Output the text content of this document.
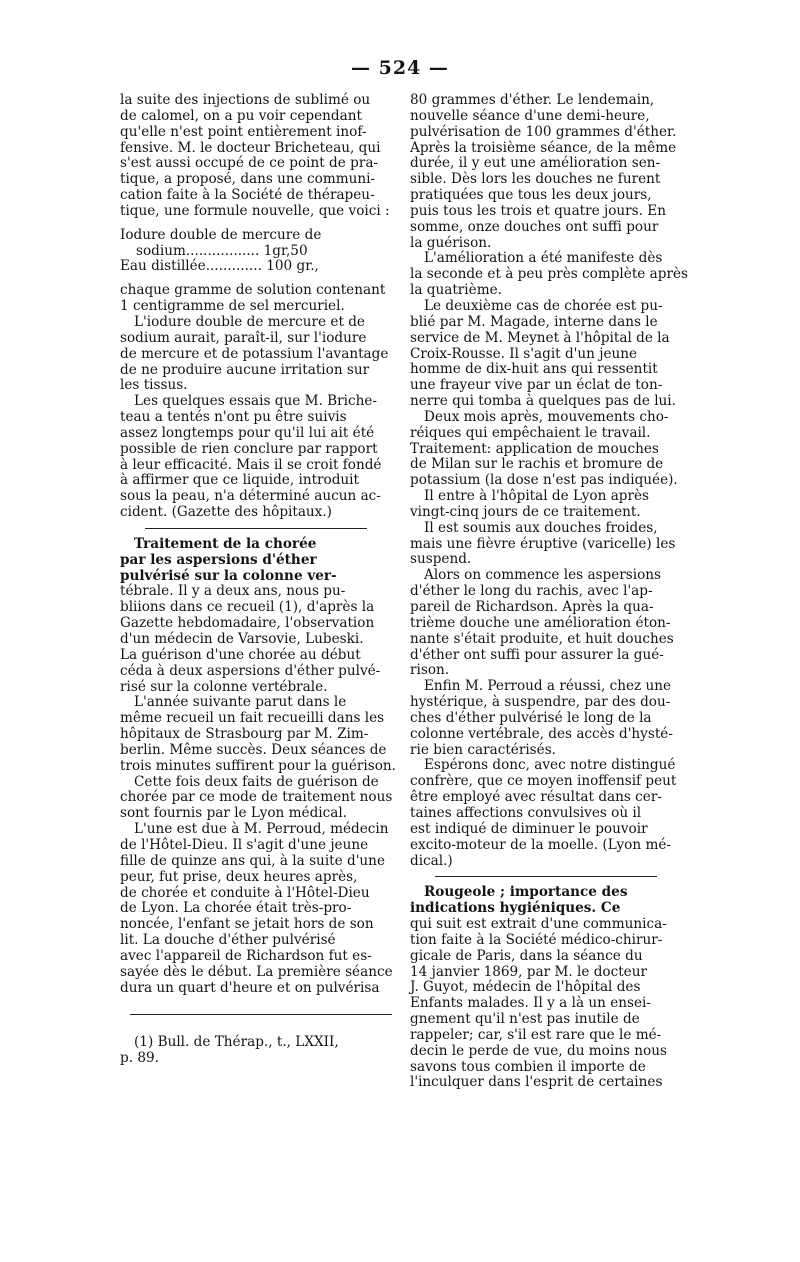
— 524 —
la suite des injections de sublimé ou
de calomel, on a pu voir cependant
qu'elle n'est point entièrement inof-
fensive. M. le docteur Bricheteau, qui
s'est aussi occupé de ce point de pra-
tique, a proposé, dans une communi-
cation faite à la Société de thérapeu-
tique, une formule nouvelle, que voici :
Iodure double de mercure de
sodium................. 1gr,50
Eau distillée............. 100 gr.,
chaque gramme de solution contenant
1 centigramme de sel mercuriel.
L'iodure double de mercure et de
sodium aurait, paraît-il, sur l'iodure
de mercure et de potassium l'avantage
de ne produire aucune irritation sur
les tissus.
Les quelques essais que M. Briche-
teau a tentés n'ont pu être suivis
assez longtemps pour qu'il lui ait été
possible de rien conclure par rapport
à leur efficacité. Mais il se croit fondé
à affirmer que ce liquide, introduit
sous la peau, n'a déterminé aucun ac-
cident. (Gazette des hôpitaux.)
Traitement de la chorée
par les aspersions d'éther
pulvérisé sur la colonne ver-
tébrale. Il y a deux ans, nous pu-
bliions dans ce recueil (1), d'après la
Gazette hebdomadaire, l'observation
d'un médecin de Varsovie, Lubeski.
La guérison d'une chorée au début
céda à deux aspersions d'éther pulvé-
risé sur la colonne vertébrale.
L'année suivante parut dans le
même recueil un fait recueilli dans les
hôpitaux de Strasbourg par M. Zim-
berlin. Même succès. Deux séances de
trois minutes suffirent pour la guérison.
Cette fois deux faits de guérison de
chorée par ce mode de traitement nous
sont fournis par le Lyon médical.
L'une est due à M. Perroud, médecin
de l'Hôtel-Dieu. Il s'agit d'une jeune
fille de quinze ans qui, à la suite d'une
peur, fut prise, deux heures après,
de chorée et conduite à l'Hôtel-Dieu
de Lyon. La chorée était très-pro-
noncée, l'enfant se jetait hors de son
lit. La douche d'éther pulvérisé
avec l'appareil de Richardson fut es-
sayée dès le début. La première séance
dura un quart d'heure et on pulvérisa
(1) Bull. de Thérap., t., LXXII,
p. 89.
80 grammes d'éther. Le lendemain,
nouvelle séance d'une demi-heure,
pulvérisation de 100 grammes d'éther.
Après la troisième séance, de la même
durée, il y eut une amélioration sen-
sible. Dès lors les douches ne furent
pratiquées que tous les deux jours,
puis tous les trois et quatre jours. En
somme, onze douches ont suffi pour
la guérison.
L'amélioration a été manifeste dès
la seconde et à peu près complète après
la quatrième.
Le deuxième cas de chorée est pu-
blié par M. Magade, interne dans le
service de M. Meynet à l'hôpital de la
Croix-Rousse. Il s'agit d'un jeune
homme de dix-huit ans qui ressentit
une frayeur vive par un éclat de ton-
nerre qui tomba à quelques pas de lui.
Deux mois après, mouvements cho-
réiques qui empêchaient le travail.
Traitement: application de mouches
de Milan sur le rachis et bromure de
potassium (la dose n'est pas indiquée).
Il entre à l'hôpital de Lyon après
vingt-cinq jours de ce traitement.
Il est soumis aux douches froides,
mais une fièvre éruptive (varicelle) les
suspend.
Alors on commence les aspersions
d'éther le long du rachis, avec l'ap-
pareil de Richardson. Après la qua-
trième douche une amélioration éton-
nante s'était produite, et huit douches
d'éther ont suffi pour assurer la gué-
rison.
Enfin M. Perroud a réussi, chez une
hystérique, à suspendre, par des dou-
ches d'éther pulvérisé le long de la
colonne vertébrale, des accès d'hysté-
rie bien caractérisés.
Espérons donc, avec notre distingué
confrère, que ce moyen inoffensif peut
être employé avec résultat dans cer-
taines affections convulsives où il
est indiqué de diminuer le pouvoir
excito-moteur de la moelle. (Lyon mé-
dical.)
Rougeole ; importance des
indications hygiéniques. Ce
qui suit est extrait d'une communica-
tion faite à la Société médico-chirur-
gicale de Paris, dans la séance du
14 janvier 1869, par M. le docteur
J. Guyot, médecin de l'hôpital des
Enfants malades. Il y a là un ensei-
gnement qu'il n'est pas inutile de
rappeler; car, s'il est rare que le mé-
decin le perde de vue, du moins nous
savons tous combien il importe de
l'inculquer dans l'esprit de certaines
